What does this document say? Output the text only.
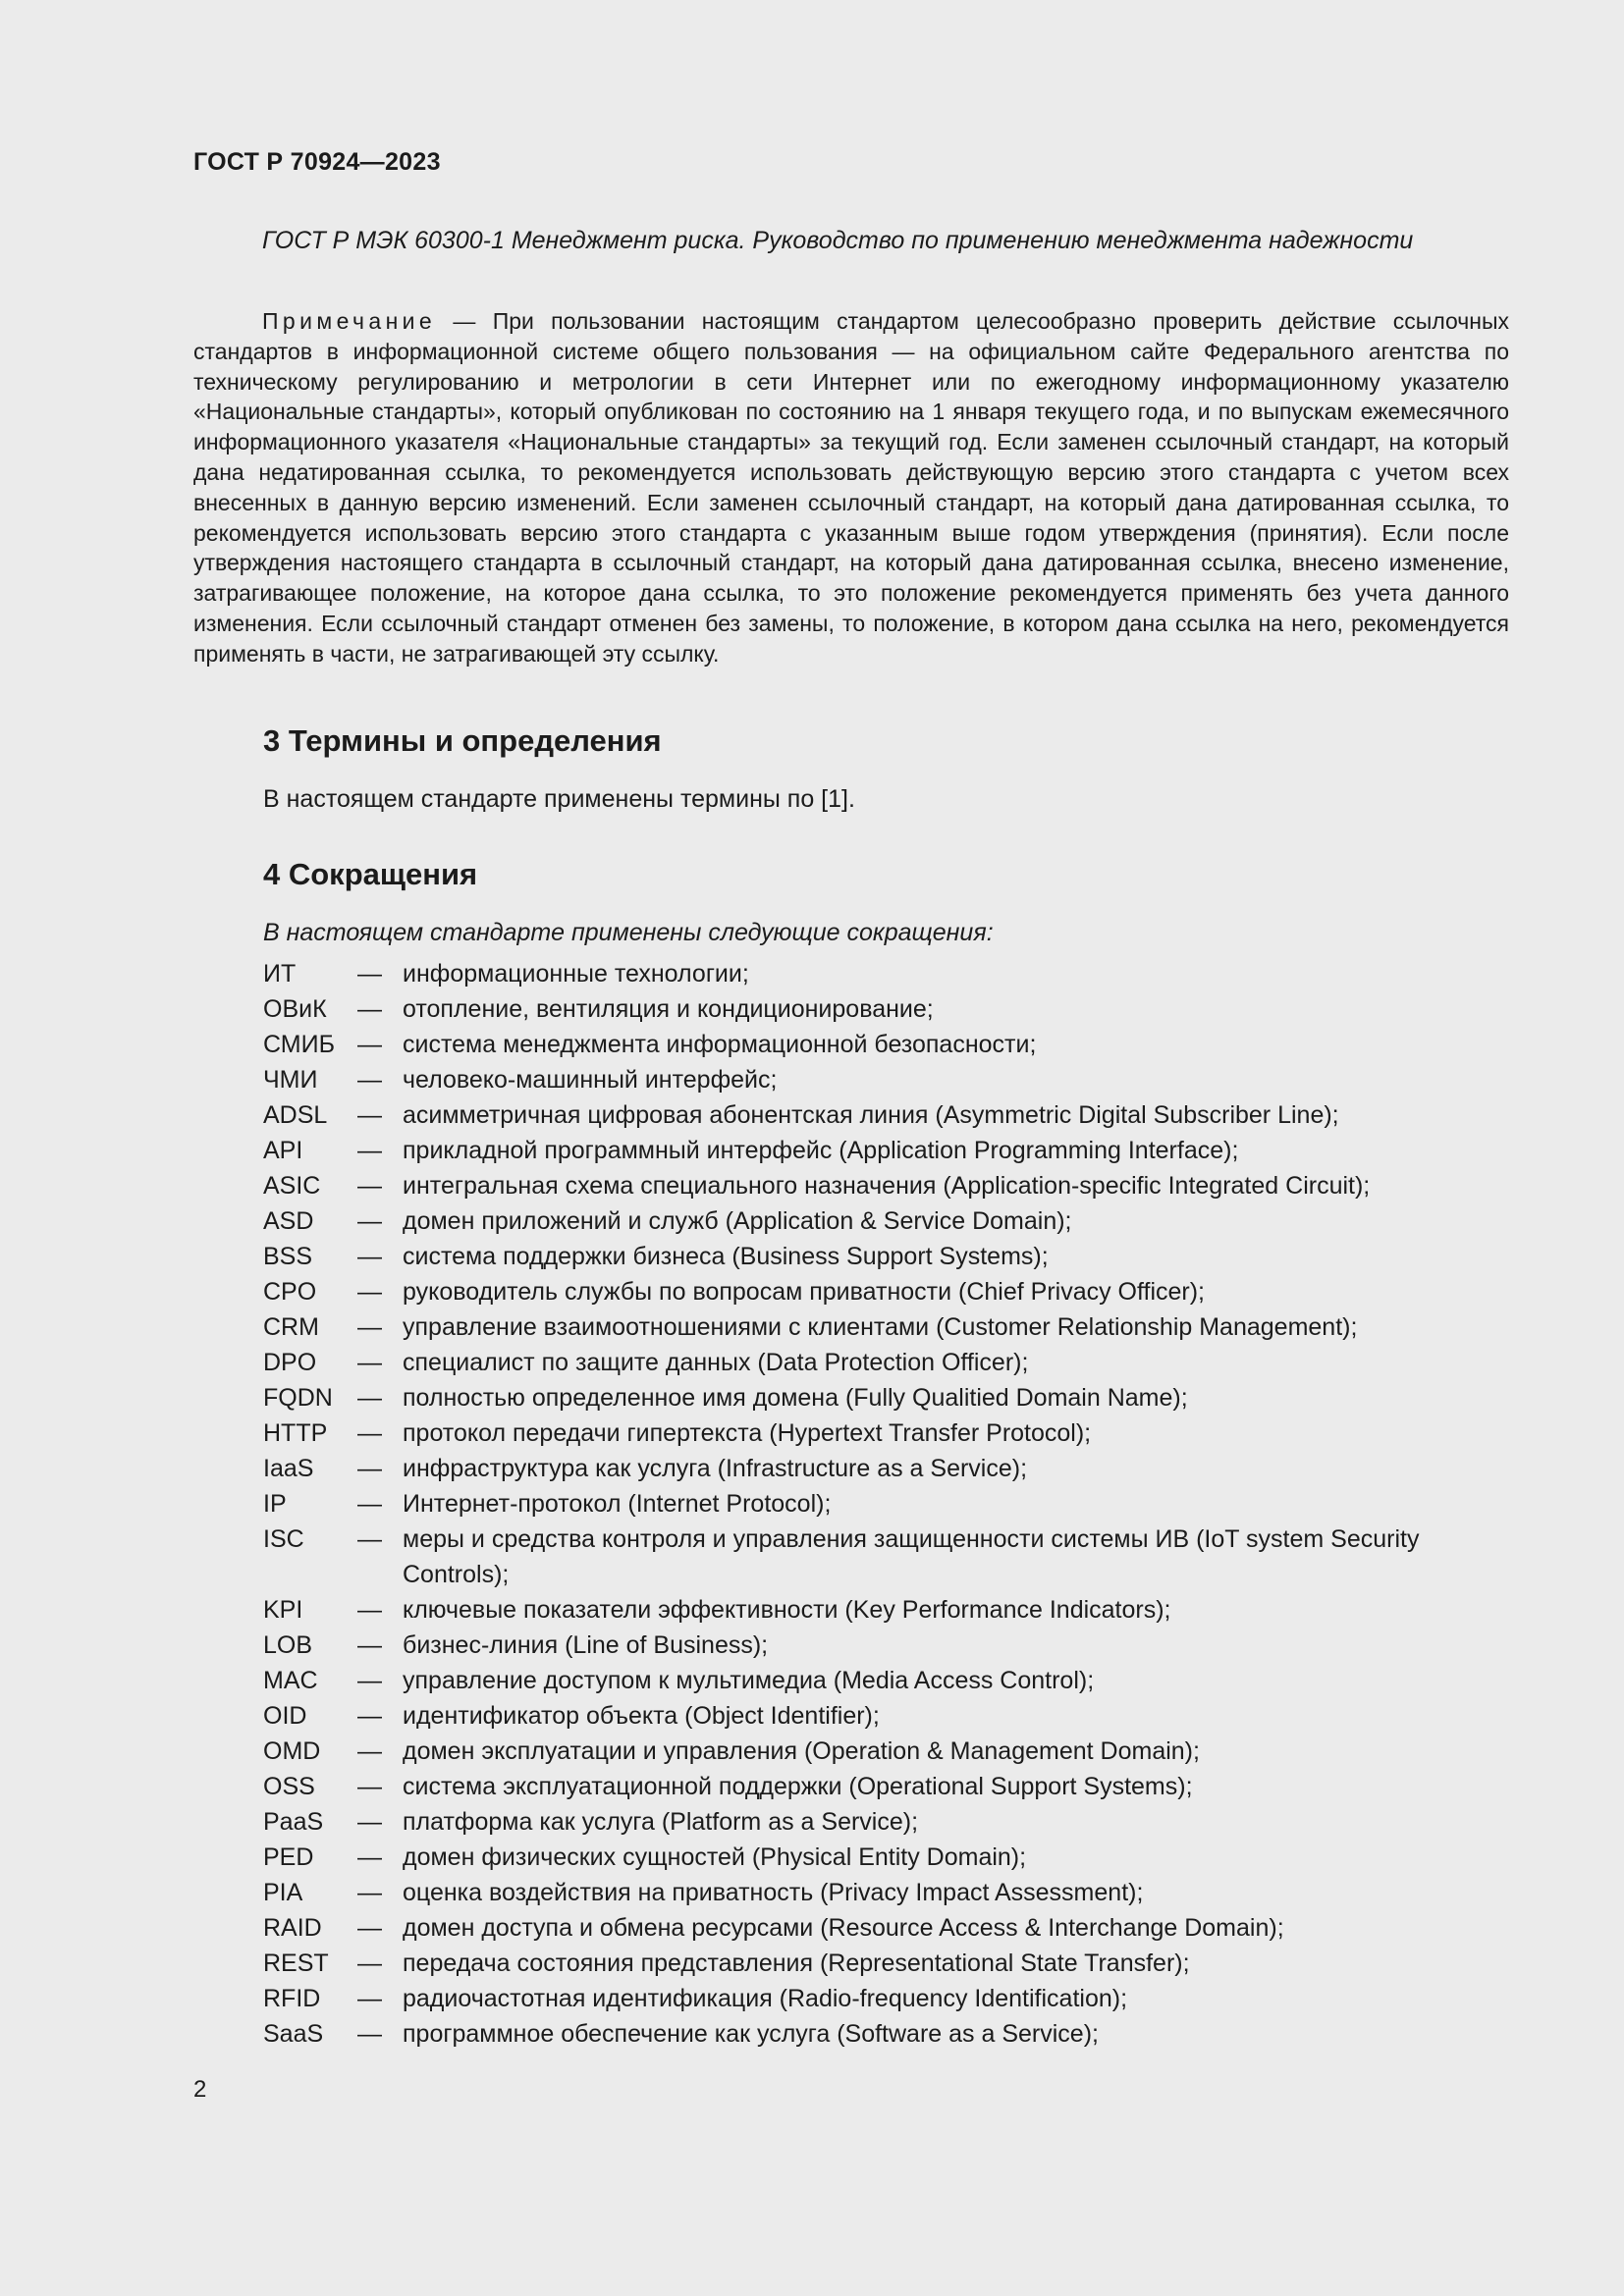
ГОСТ Р 70924—2023

ГОСТ Р МЭК 60300-1 Менеджмент риска. Руководство по применению менеджмента надежности

Примечание — При пользовании настоящим стандартом целесообразно проверить действие ссылочных стандартов в информационной системе общего пользования — на официальном сайте Федерального агентства по техническому регулированию и метрологии в сети Интернет или по ежегодному информационному указателю «Национальные стандарты», который опубликован по состоянию на 1 января текущего года, и по выпускам ежемесячного информационного указателя «Национальные стандарты» за текущий год. Если заменен ссылочный стандарт, на который дана недатированная ссылка, то рекомендуется использовать действующую версию этого стандарта с учетом всех внесенных в данную версию изменений. Если заменен ссылочный стандарт, на который дана датированная ссылка, то рекомендуется использовать версию этого стандарта с указанным выше годом утверждения (принятия). Если после утверждения настоящего стандарта в ссылочный стандарт, на который дана датированная ссылка, внесено изменение, затрагивающее положение, на которое дана ссылка, то это положение рекомендуется применять без учета данного изменения. Если ссылочный стандарт отменен без замены, то положение, в котором дана ссылка на него, рекомендуется применять в части, не затрагивающей эту ссылку.

3 Термины и определения

В настоящем стандарте применены термины по [1].

4 Сокращения

В настоящем стандарте применены следующие сокращения:

ИТ	— информационные технологии;
ОВиК	— отопление, вентиляция и кондиционирование;
СМИБ — система менеджмента информационной безопасности;
ЧМИ	— человеко-машинный интерфейс;
ADSL	— асимметричная цифровая абонентская линия (Asymmetric Digital Subscriber Line);
API	— прикладной программный интерфейс (Application Programming Interface);
ASIC	— интегральная схема специального назначения (Application-specific Integrated Circuit);
ASD	— домен приложений и служб (Application & Service Domain);
BSS	— система поддержки бизнеса (Business Support Systems);
CPO	— руководитель службы по вопросам приватности (Chief Privacy Officer);
CRM	— управление взаимоотношениями с клиентами (Customer Relationship Management);
DPO	— специалист по защите данных (Data Protection Officer);
FQDN	— полностью определенное имя домена (Fully Qualitied Domain Name);
HTTP	— протокол передачи гипертекста (Hypertext Transfer Protocol);
IaaS	— инфраструктура как услуга (Infrastructure as a Service);
IP	— Интернет-протокол (Internet Protocol);
ISC	— меры и средства контроля и управления защищенности системы ИВ (IoT system Security Controls);
KPI	— ключевые показатели эффективности (Key Performance Indicators);
LOB	— бизнес-линия (Line of Business);
MAC	— управление доступом к мультимедиа (Media Access Control);
OID	— идентификатор объекта (Object Identifier);
OMD	— домен эксплуатации и управления (Operation & Management Domain);
OSS	— система эксплуатационной поддержки (Operational Support Systems);
PaaS	— платформа как услуга (Platform as a Service);
PED	— домен физических сущностей (Physical Entity Domain);
PIA	— оценка воздействия на приватность (Privacy Impact Assessment);
RAID	— домен доступа и обмена ресурсами (Resource Access & Interchange Domain);
REST	— передача состояния представления (Representational State Transfer);
RFID	— радиочастотная идентификация (Radio-frequency Identification);
SaaS	— программное обеспечение как услуга (Software as a Service);

2
